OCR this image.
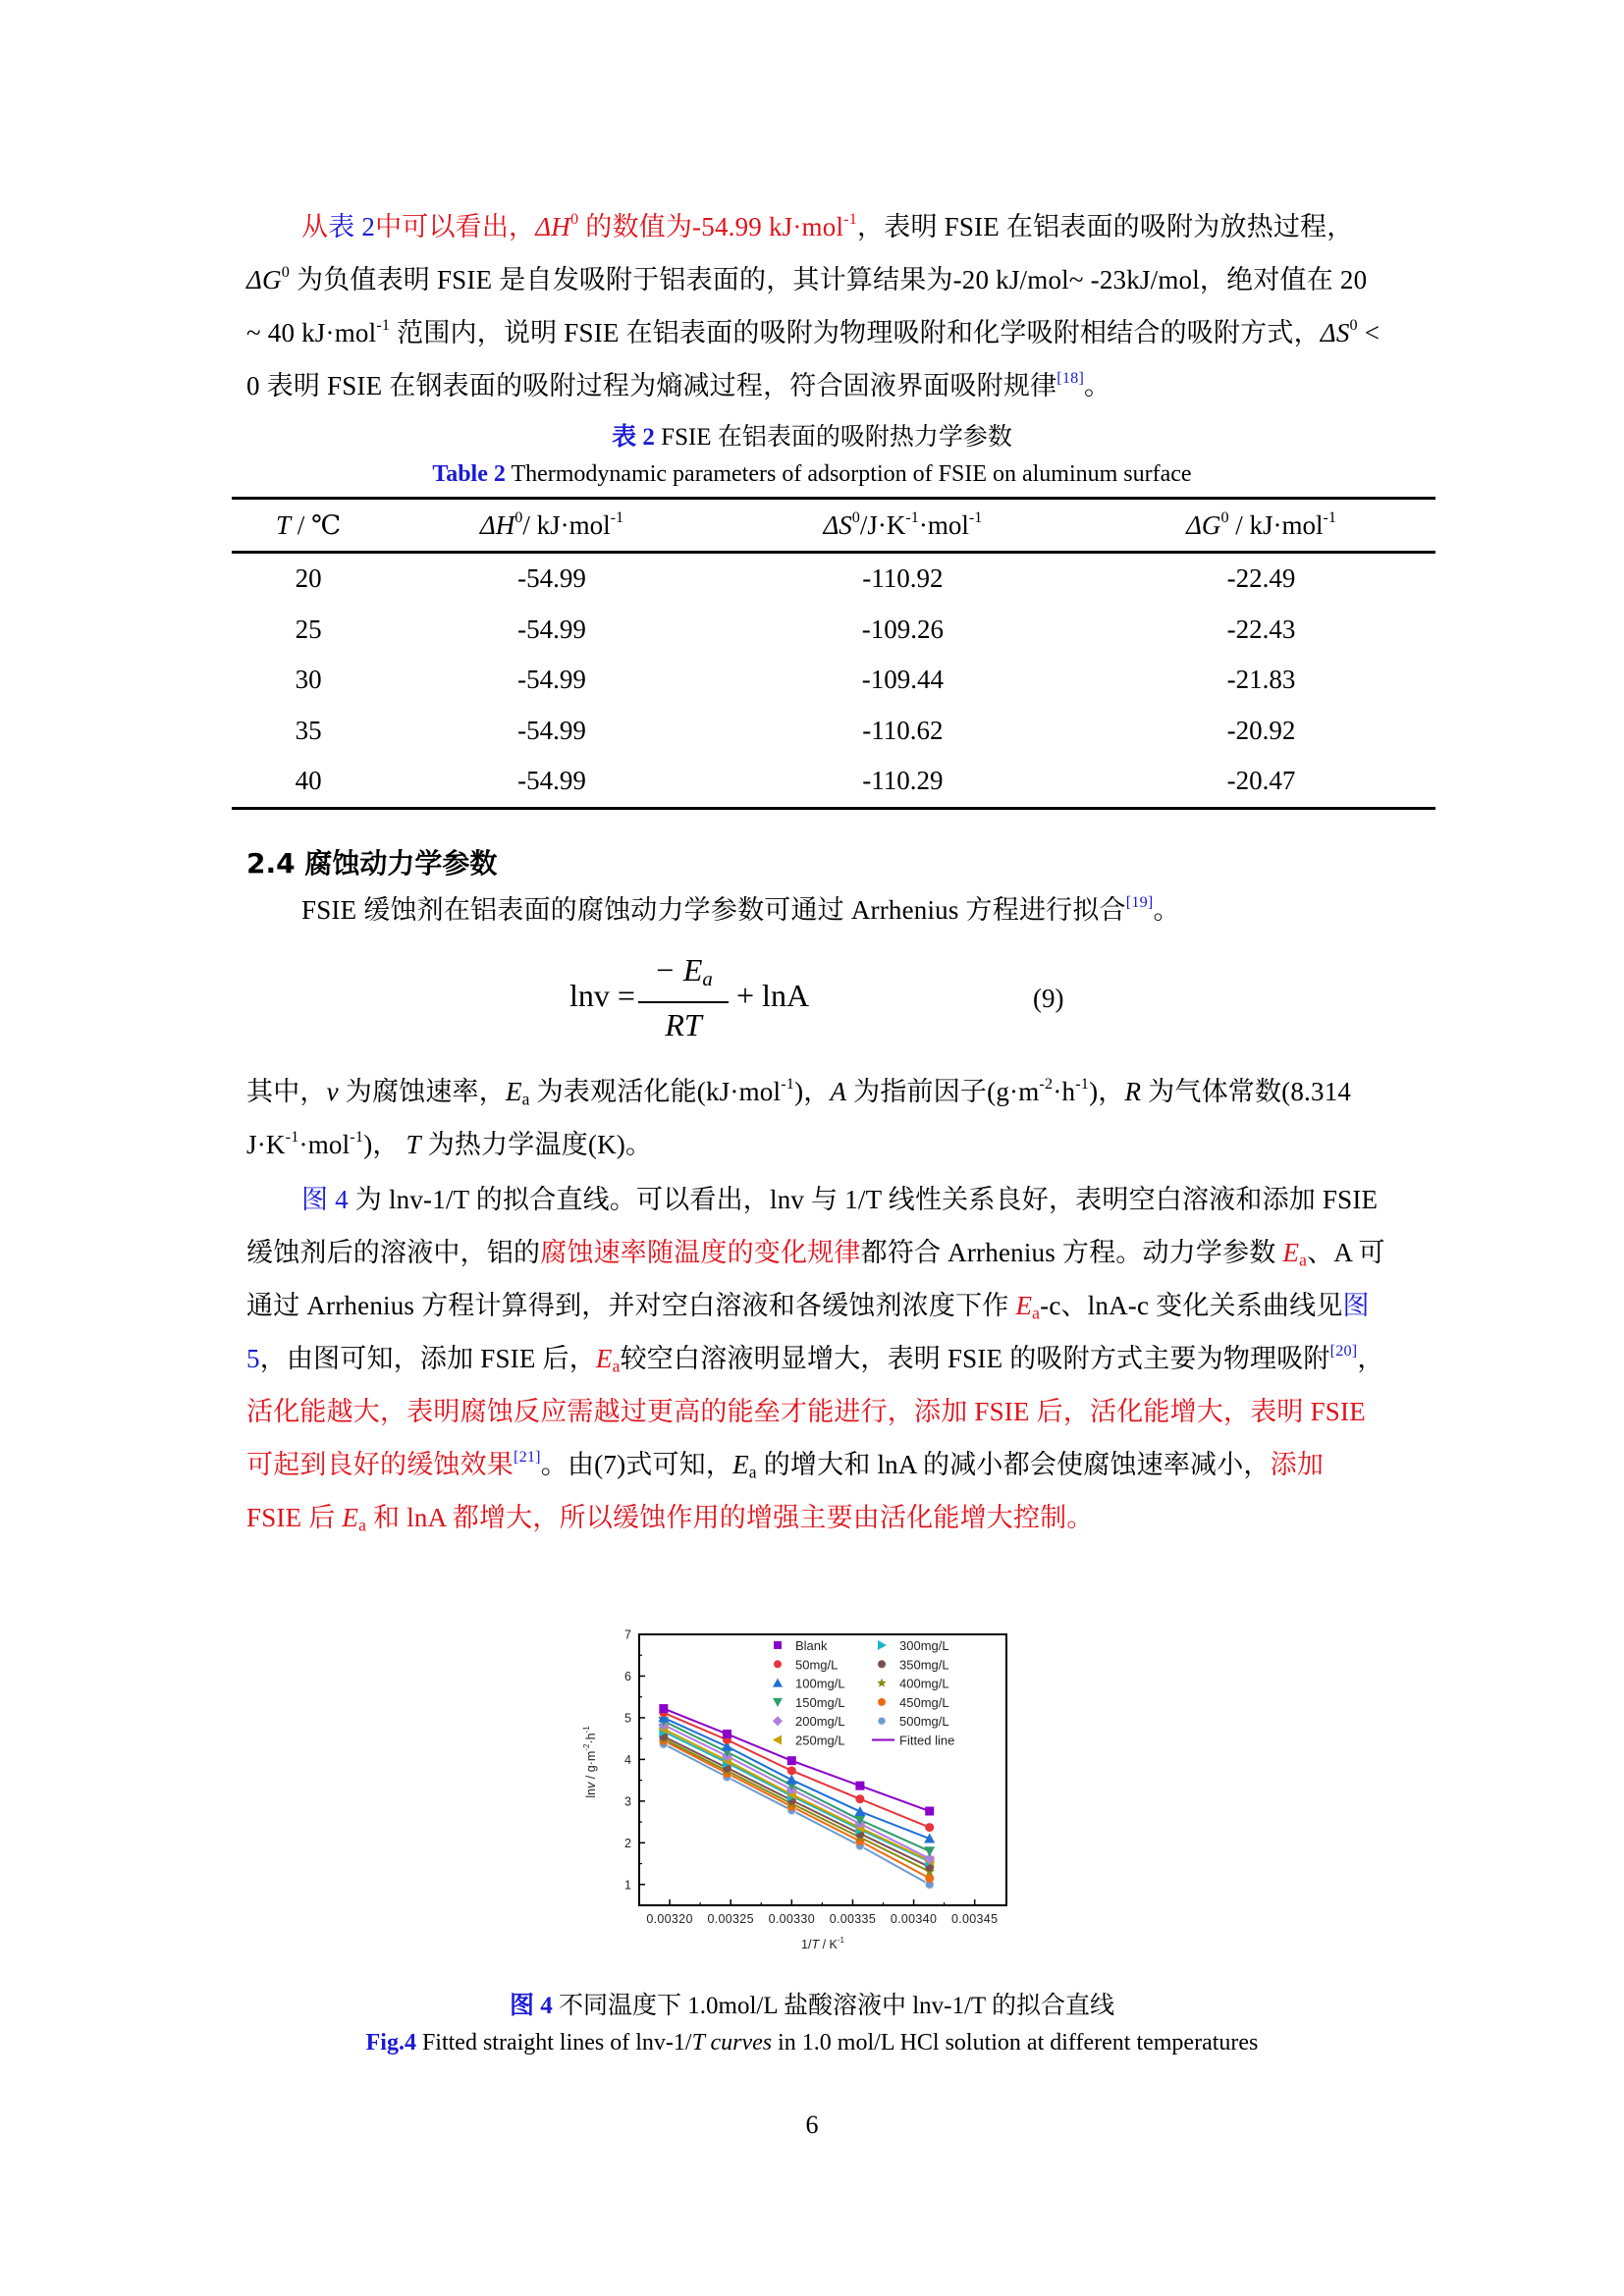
从表 2中可以看出，$\Delta H^0$ 的数值为-54.99 kJ·mol$^{-1}$，表明 FSIE 在铝表面的吸附为放热过程，$\Delta G^0$ 为负值表明 FSIE 是自发吸附于铝表面的，其计算结果为-20 kJ/mol~ -23kJ/mol，绝对值在 20 ~ 40 kJ·mol$^{-1}$ 范围内，说明 FSIE 在铝表面的吸附为物理吸附和化学吸附相结合的吸附方式，$\Delta S^0 < 0$ 表明 FSIE 在钢表面的吸附过程为熵减过程，符合固液界面吸附规律[18]。
表 2 FSIE 在铝表面的吸附热力学参数
Table 2 Thermodynamic parameters of adsorption of FSIE on aluminum surface
T / ℃	$\Delta H^0/$ kJ·mol$^{-1}$	$\Delta S^0/J\cdot K^{-1}\cdot mol^{-1}$	$\Delta G^0 / kJ\cdot mol^{-1}$
20	-54.99	-110.92	-22.49
25	-54.99	-109.26	-22.43
30	-54.99	-109.44	-21.83
35	-54.99	-110.62	-20.92
40	-54.99	-110.29	-20.47
2.4 腐蚀动力学参数
FSIE 缓蚀剂在铝表面的腐蚀动力学参数可通过 Arrhenius 方程进行拟合[19]。
lnv =
− $E_a$
RT
+ lnA	(9)
其中，v 为腐蚀速率，$E_a$ 为表观活化能(kJ·mol$^{-1}$)，A 为指前因子$(g\cdot m^{-2}\cdot h^{-1})$，R 为气体常数(8.314 $J\cdot K^{-1}\cdot mol^{-1}$)， T 为热力学温度(K)。
图 4 为 lnv-1/T 的拟合直线。可以看出，lnv 与 1/T 线性关系良好，表明空白溶液和添加 FSIE 缓蚀剂后的溶液中，铝的腐蚀速率随温度的变化规律都符合 Arrhenius 方程。动力学参数 $E_a$、A 可通过 Arrhenius 方程计算得到，并对空白溶液和各缓蚀剂浓度下作 $E_a-c$、lnA-c 变化关系曲线见图 5，由图可知，添加 FSIE 后，$E_a$较空白溶液明显增大，表明 FSIE 的吸附方式主要为物理吸附[20]，活化能越大，表明腐蚀反应需越过更高的能垒才能进行，添加 FSIE 后，活化能增大，表明 FSIE 可起到良好的缓蚀效果[21]。由(7)式可知，$E_a$ 的增大和 lnA 的减小都会使腐蚀速率减小，添加 FSIE 后 $E_a$ 和 lnA 都增大，所以缓蚀作用的增强主要由活化能增大控制。
0.00320 0.00325 0.00330 0.00335 0.00340 0.00345
1
2
3
4
5
6
7
$1/T / K^{-1}$
$\ln v / g\cdot m^{-2}\cdot h^{-1}$
Blank
50mg/L
100mg/L
150mg/L
200mg/L
250mg/L
300mg/L
350mg/L
400mg/L
450mg/L
500mg/L
Fitted line
图 4 不同温度下 1.0mol/L 盐酸溶液中 lnv-1/T 的拟合直线
Fig.4 Fitted straight lines of lnv-1/T curves in 1.0 mol/L HCl solution at different temperatures
6
